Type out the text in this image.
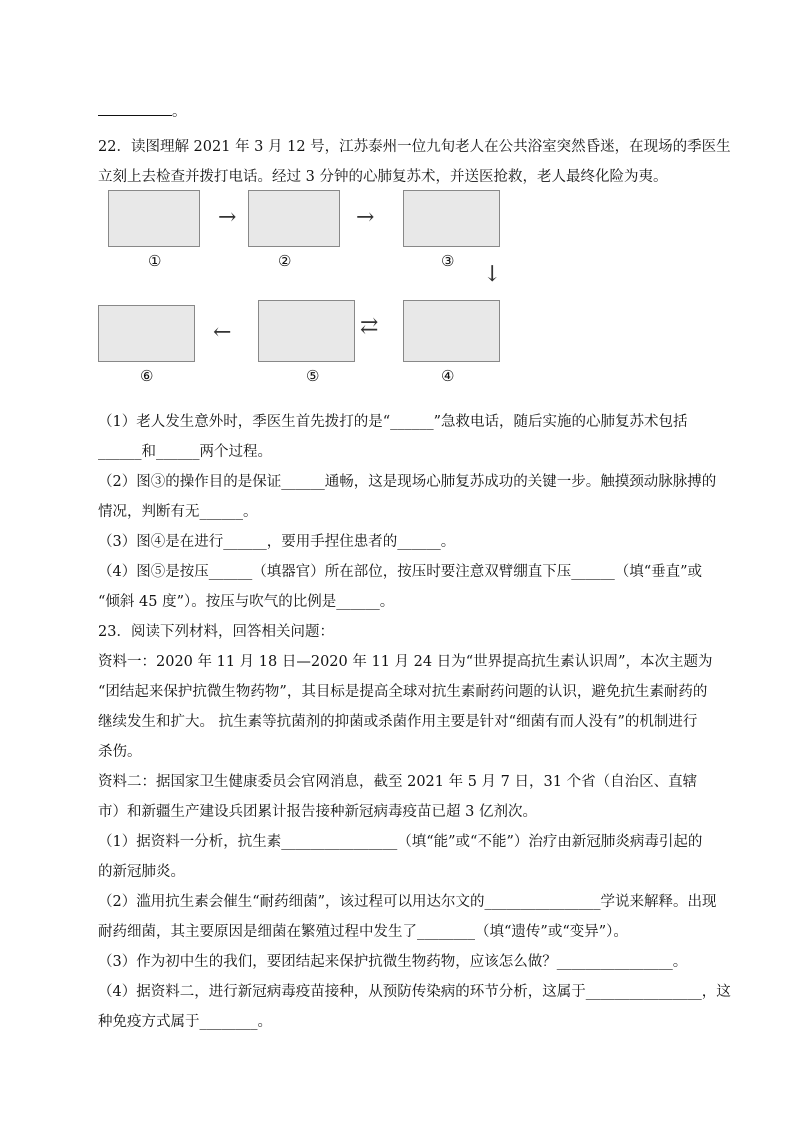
。
22．读图理解 2021 年 3 月 12 号，江苏泰州一位九旬老人在公共浴室突然昏迷，在现场的季医生
立刻上去检查并拨打电话。经过 3 分钟的心肺复苏术，并送医抢救，老人最终化险为夷。
→	→
↓
←	⇄
①	②	③
⑥	⑤	④
（1）老人发生意外时，季医生首先拨打的是“______”急救电话，随后实施的心肺复苏术包括
______和______两个过程。
（2）图③的操作目的是保证______通畅，这是现场心肺复苏成功的关键一步。触摸颈动脉脉搏的
情况，判断有无______。
（3）图④是在进行______，要用手捏住患者的______。
（4）图⑤是按压______（填器官）所在部位，按压时要注意双臂绷直下压______（填“垂直”或
“倾斜 45 度”）。按压与吹气的比例是______。
23．阅读下列材料，回答相关问题：
资料一：2020 年 11 月 18 日—2020 年 11 月 24 日为“世界提高抗生素认识周”，本次主题为
“团结起来保护抗微生物药物”，其目标是提高全球对抗生素耐药问题的认识，避免抗生素耐药的
继续发生和扩大。 抗生素等抗菌剂的抑菌或杀菌作用主要是针对“细菌有而人没有”的机制进行
杀伤。
资料二：据国家卫生健康委员会官网消息，截至 2021 年 5 月 7 日，31 个省（自治区、直辖
市）和新疆生产建设兵团累计报告接种新冠病毒疫苗已超 3 亿剂次。
（1）据资料一分析，抗生素________________（填“能”或“不能”）治疗由新冠肺炎病毒引起的
的新冠肺炎。
（2）滥用抗生素会催生“耐药细菌”，该过程可以用达尔文的________________学说来解释。出现
耐药细菌，其主要原因是细菌在繁殖过程中发生了________（填“遗传”或“变异”）。
（3）作为初中生的我们，要团结起来保护抗微生物药物，应该怎么做？________________。
（4）据资料二，进行新冠病毒疫苗接种，从预防传染病的环节分析，这属于________________，这
种免疫方式属于________。
